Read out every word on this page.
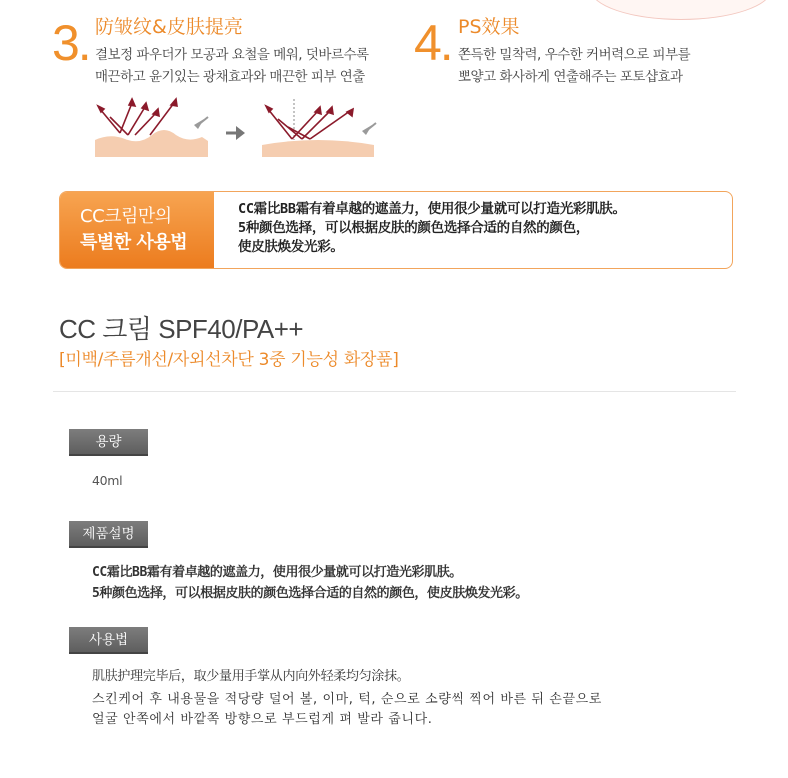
3. 防皱纹&皮肤提亮
결보정 파우더가 모공과 요철을 메워, 덧바르수록
매끈하고 윤기있는 광채효과와 매끈한 피부 연출
4. PS效果
쫀득한 밀착력, 우수한 커버력으로 피부를
뽀얗고 화사하게 연출해주는 포토샵효과
CC크림만의
특별한 사용법
CC霜比BB霜有着卓越的遮盖力，使用很少量就可以打造光彩肌肤。
5种颜色选择，可以根据皮肤的颜色选择合适的自然的颜色，
使皮肤焕发光彩。
CC 크림 SPF40/PA++
[미백/주름개선/자외선차단 3중 기능성 화장품]
용량
40ml
제품설명
CC霜比BB霜有着卓越的遮盖力，使用很少量就可以打造光彩肌肤。
5种颜色选择，可以根据皮肤的颜色选择合适的自然的颜色，使皮肤焕发光彩。
사용법
肌肤护理完毕后，取少量用手掌从内向外轻柔均匀涂抹。
스킨케어 후 내용물을 적당량 덜어 볼, 이마, 턱, 순으로 소량씩 찍어 바른 뒤 손끝으로
얼굴 안쪽에서 바깥쪽 방향으로 부드럽게 펴 발라 줍니다.
